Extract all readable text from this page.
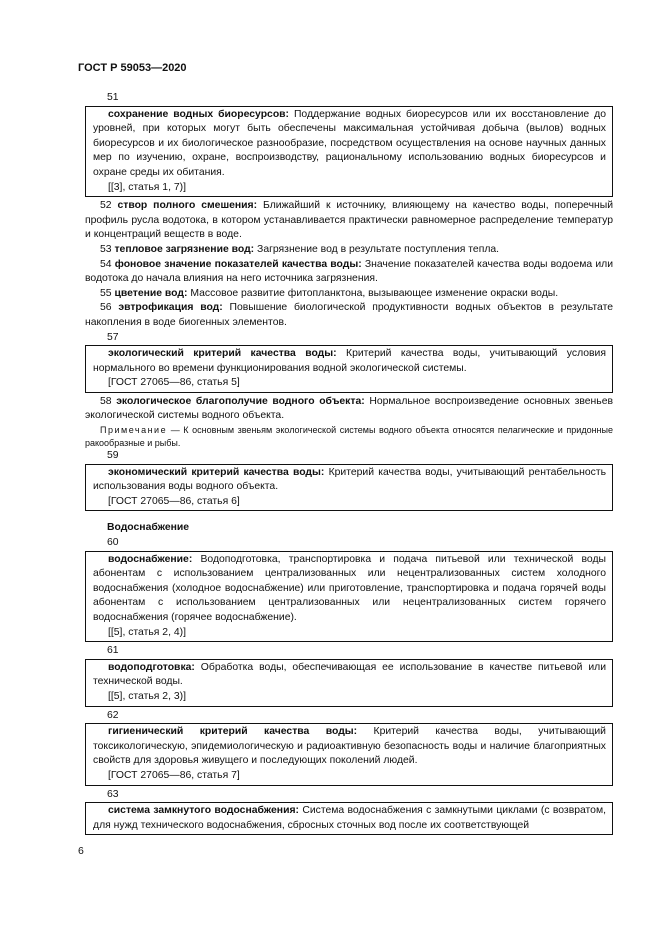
ГОСТ Р 59053—2020
51

сохранение водных биоресурсов: Поддержание водных биоресурсов или их восстановление до уровней, при которых могут быть обеспечены максимальная устойчивая добыча (вылов) водных биоресурсов и их биологическое разнообразие, посредством осуществления на основе научных данных мер по изучению, охране, воспроизводству, рациональному использованию водных биоресурсов и охране среды их обитания.

[[3], статья 1, 7)]

52 створ полного смешения: Ближайший к источнику, влияющему на качество воды, поперечный профиль русла водотока, в котором устанавливается практически равномерное распределение температур и концентраций веществ в воде.

53 тепловое загрязнение вод: Загрязнение вод в результате поступления тепла.

54 фоновое значение показателей качества воды: Значение показателей качества воды водоема или водотока до начала влияния на него источника загрязнения.

55 цветение вод: Массовое развитие фитопланктона, вызывающее изменение окраски воды.

56 эвтрофикация вод: Повышение биологической продуктивности водных объектов в результате накопления в воде биогенных элементов.

57

экологический критерий качества воды: Критерий качества воды, учитывающий условия нормального во времени функционирования водной экологической системы.

[ГОСТ 27065—86, статья 5]

58 экологическое благополучие водного объекта: Нормальное воспроизведение основных звеньев экологической системы водного объекта.

Примечание — К основным звеньям экологической системы водного объекта относятся пелагические и придонные ракообразные и рыбы.

59

экономический критерий качества воды: Критерий качества воды, учитывающий рентабельность использования воды водного объекта.

[ГОСТ 27065—86, статья 6]

Водоснабжение
60

водоснабжение: Водоподготовка, транспортировка и подача питьевой или технической воды абонентам с использованием централизованных или нецентрализованных систем холодного водоснабжения (холодное водоснабжение) или приготовление, транспортировка и подача горячей воды абонентам с использованием централизованных или нецентрализованных систем горячего водоснабжения (горячее водоснабжение).

[[5], статья 2, 4)]

61

водоподготовка: Обработка воды, обеспечивающая ее использование в качестве питьевой или технической воды.

[[5], статья 2, 3)]

62

гигиенический критерий качества воды: Критерий качества воды, учитывающий токсикологическую, эпидемиологическую и радиоактивную безопасность воды и наличие благоприятных свойств для здоровья живущего и последующих поколений людей.

[ГОСТ 27065—86, статья 7]

63

система замкнутого водоснабжения: Система водоснабжения с замкнутыми циклами (с возвратом, для нужд технического водоснабжения, сбросных сточных вод после их соответствующей

6
